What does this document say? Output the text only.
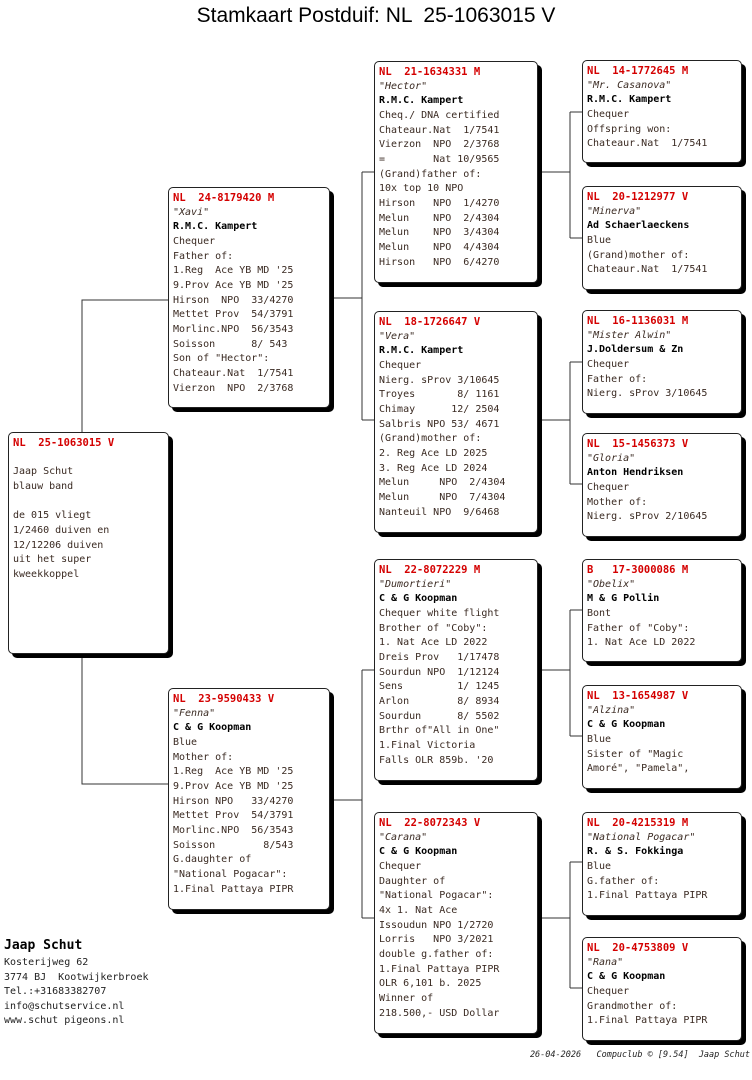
Stamkaart Postduif: NL  25-1063015 V
NL  25-1063015 V

Jaap Schut
blauw band

de 015 vliegt
1/2460 duiven en
12/12206 duiven
uit het super
kweekkoppel
NL  24-8179420 M
"Xavi"
R.M.C. Kampert
Chequer
Father of:
1.Reg  Ace YB MD '25
9.Prov Ace YB MD '25
Hirson  NPO  33/4270
Mettet Prov  54/3791
Morlinc.NPO  56/3543
Soisson      8/ 543
Son of "Hector":
Chateaur.Nat  1/7541
Vierzon  NPO  2/3768
NL  23-9590433 V
"Fenna"
C & G Koopman
Blue
Mother of:
1.Reg  Ace YB MD '25
9.Prov Ace YB MD '25
Hirson NPO   33/4270
Mettet Prov  54/3791
Morlinc.NPO  56/3543
Soisson        8/543
G.daughter of
"National Pogacar":
1.Final Pattaya PIPR
NL  21-1634331 M
"Hector"
R.M.C. Kampert
Cheq./ DNA certified
Chateaur.Nat  1/7541
Vierzon  NPO  2/3768
=        Nat 10/9565
(Grand)father of:
10x top 10 NPO
Hirson   NPO  1/4270
Melun    NPO  2/4304
Melun    NPO  3/4304
Melun    NPO  4/4304
Hirson   NPO  6/4270
NL  18-1726647 V
"Vera"
R.M.C. Kampert
Chequer
Nierg. sProv 3/10645
Troyes       8/ 1161
Chimay      12/ 2504
Salbris NPO 53/ 4671
(Grand)mother of:
2. Reg Ace LD 2025
3. Reg Ace LD 2024
Melun     NPO  2/4304
Melun     NPO  7/4304
Nanteuil NPO  9/6468
NL  22-8072229 M
"Dumortieri"
C & G Koopman
Chequer white flight
Brother of "Coby":
1. Nat Ace LD 2022
Dreis Prov   1/17478
Sourdun NPO  1/12124
Sens         1/ 1245
Arlon        8/ 8934
Sourdun      8/ 5502
Brthr of"All in One"
1.Final Victoria
Falls OLR 859b. '20
NL  22-8072343 V
"Carana"
C & G Koopman
Chequer
Daughter of
"National Pogacar":
4x 1. Nat Ace
Issoudun NPO 1/2720
Lorris   NPO 3/2021
double g.father of:
1.Final Pattaya PIPR
OLR 6,101 b. 2025
Winner of
218.500,- USD Dollar
NL  14-1772645 M
"Mr. Casanova"
R.M.C. Kampert
Chequer
Offspring won:
Chateaur.Nat  1/7541
NL  20-1212977 V
"Minerva"
Ad Schaerlaeckens
Blue
(Grand)mother of:
Chateaur.Nat  1/7541
NL  16-1136031 M
"Mister Alwin"
J.Doldersum & Zn
Chequer
Father of:
Nierg. sProv 3/10645
NL  15-1456373 V
"Gloria"
Anton Hendriksen
Chequer
Mother of:
Nierg. sProv 2/10645
B   17-3000086 M
"Obelix"
M & G Pollin
Bont
Father of "Coby":
1. Nat Ace LD 2022
NL  13-1654987 V
"Alzina"
C & G Koopman
Blue
Sister of "Magic
Amoré", "Pamela",
NL  20-4215319 M
"National Pogacar"
R. & S. Fokkinga
Blue
G.father of:
1.Final Pattaya PIPR
NL  20-4753809 V
"Rana"
C & G Koopman
Chequer
Grandmother of:
1.Final Pattaya PIPR
Jaap Schut
Kosterijweg 62
3774 BJ  Kootwijkerbroek
Tel.:+31683382707
info@schutservice.nl
www.schut pigeons.nl
26-04-2026   Compuclub © [9.54]  Jaap Schut
